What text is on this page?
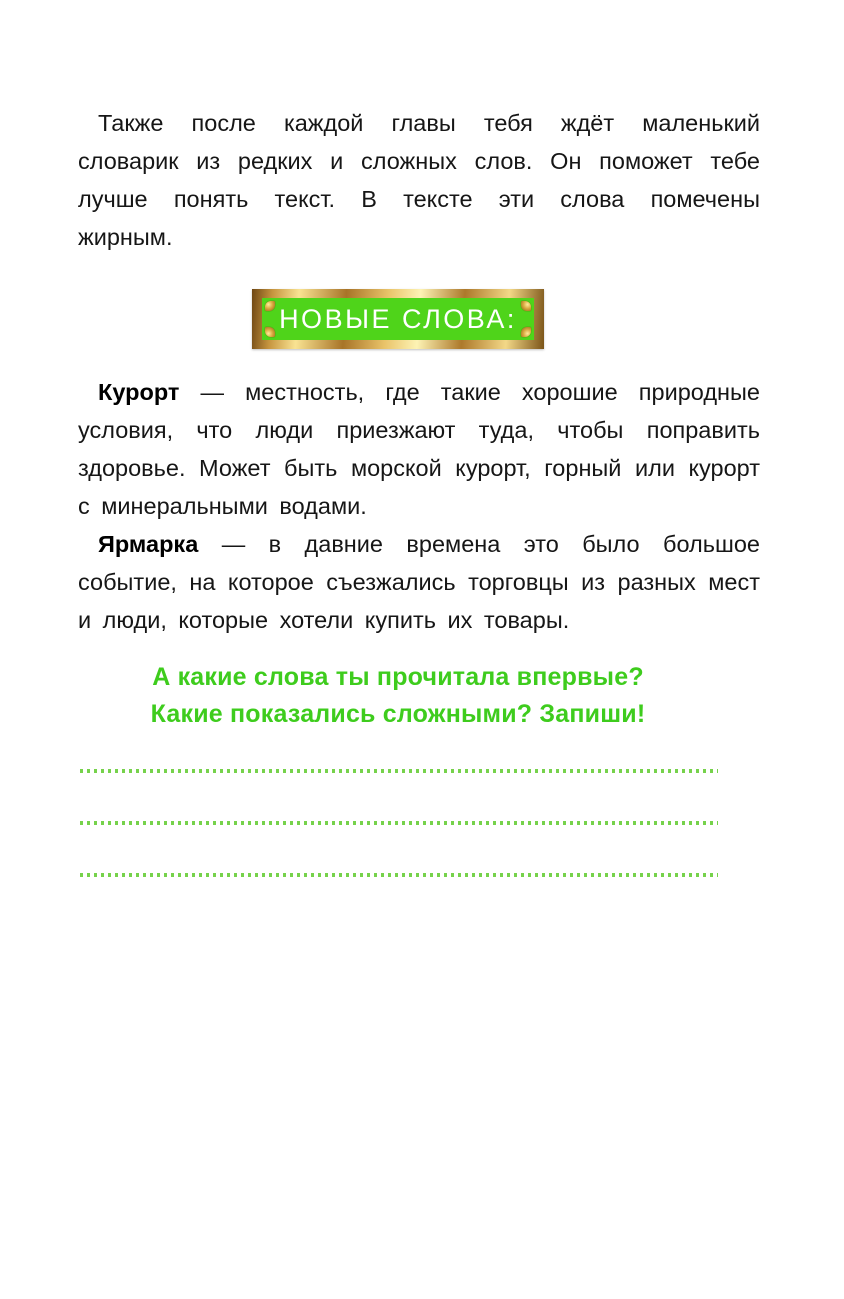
Также после каждой главы тебя ждёт маленький словарик из редких и сложных слов. Он поможет тебе лучше понять текст. В тексте эти слова помечены жирным.

НОВЫЕ СЛОВА:

Курорт — местность, где такие хорошие природные условия, что люди приезжают туда, чтобы поправить здоровье. Может быть морской курорт, горный или курорт с минеральными водами.

Ярмарка — в давние времена это было большое событие, на которое съезжались торговцы из разных мест и люди, которые хотели купить их товары.

А какие слова ты прочитала впервые?
Какие показались сложными? Запиши!
